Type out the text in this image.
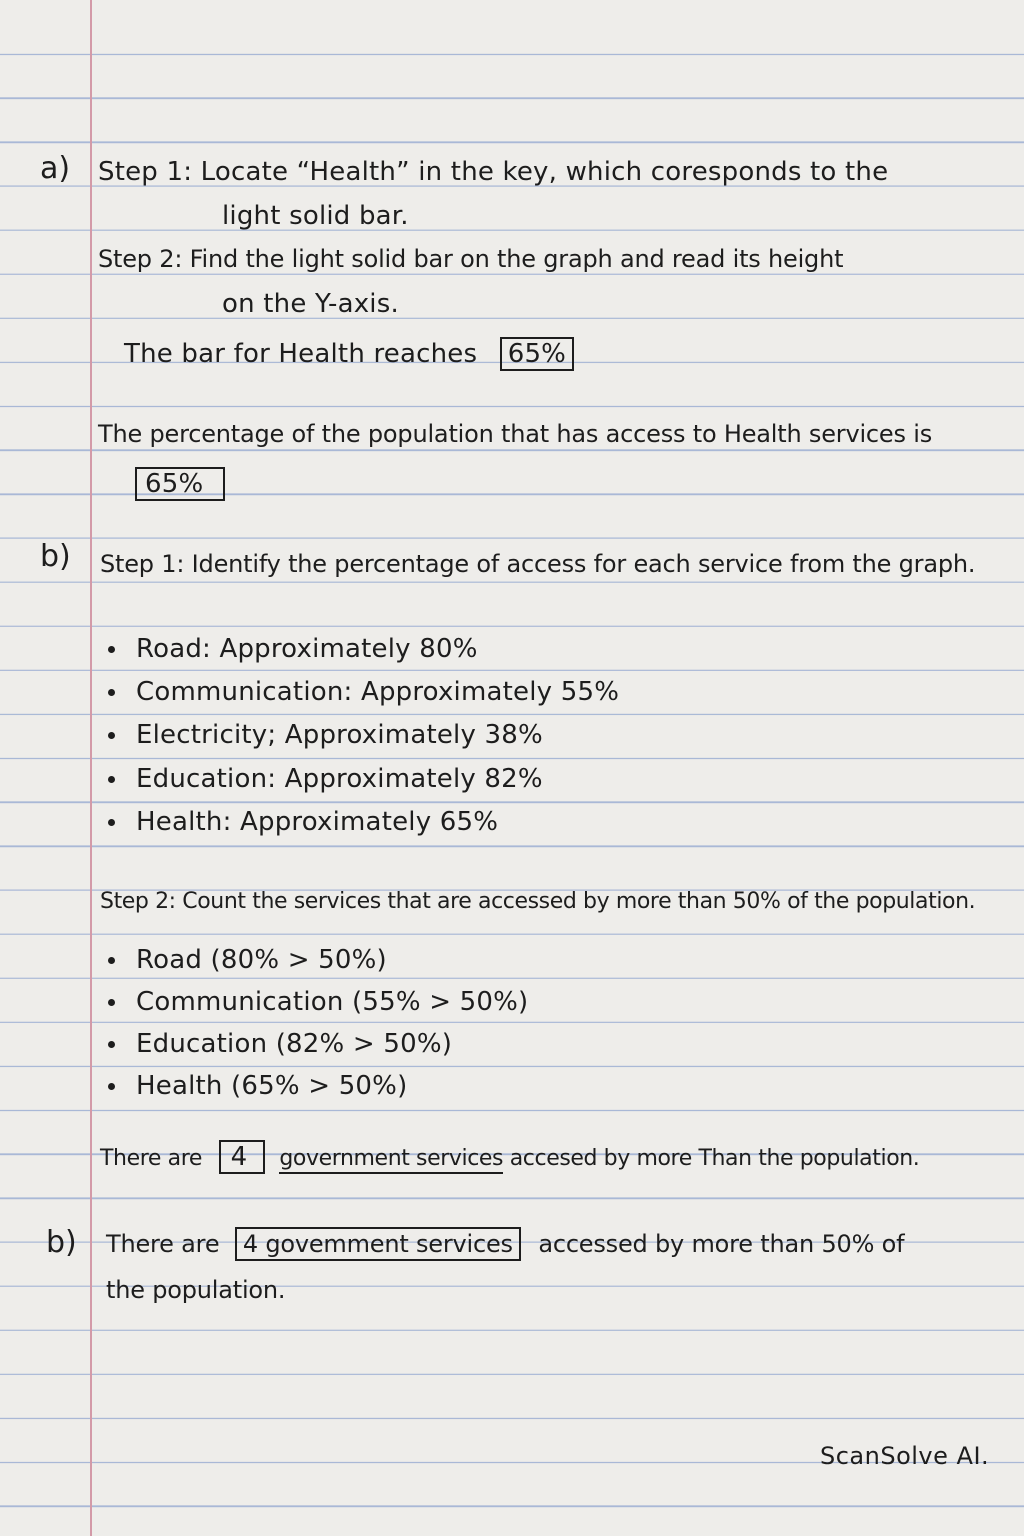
a) Step 1: Locate “Health” in the key, which coresponds to the
light solid bar.
Step 2: Find the light solid bar on the graph and read its height
on the Y-axis.
The bar for Health reaches 65%
The percentage of the population that has access to Health services is
65%
b) Step 1: Identify the percentage of access for each service from the graph.
Road: Approximately 80%
Communication: Approximately 55%
Electricity; Approximately 38%
Education: Approximately 82%
Health: Approximately 65%
Step 2: Count the services that are accessed by more than 50% of the population.
Road (80% > 50%)
Communication (55% > 50%)
Education (82% > 50%)
Health (65% > 50%)
There are 4 government services accesed by more Than the population.
b) There are 4 govemment services accessed by more than 50% of
the population.
ScanSolve AI.
